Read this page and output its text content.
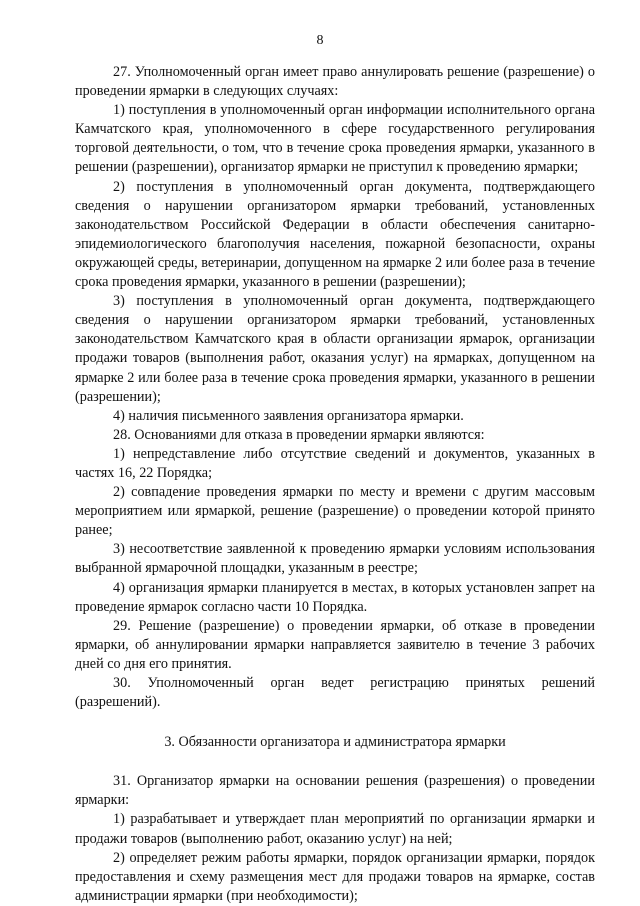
8

27. Уполномоченный орган имеет право аннулировать решение (разрешение) о проведении ярмарки в следующих случаях:

1) поступления в уполномоченный орган информации исполнительного органа Камчатского края, уполномоченного в сфере государственного регулирования торговой деятельности, о том, что в течение срока проведения ярмарки, указанного в решении (разрешении), организатор ярмарки не приступил к проведению ярмарки;

2) поступления в уполномоченный орган документа, подтверждающего сведения о нарушении организатором ярмарки требований, установленных законодательством Российской Федерации в области обеспечения санитарно-эпидемиологического благополучия населения, пожарной безопасности, охраны окружающей среды, ветеринарии, допущенном на ярмарке 2 или более раза в течение срока проведения ярмарки, указанного в решении (разрешении);

3) поступления в уполномоченный орган документа, подтверждающего сведения о нарушении организатором ярмарки требований, установленных законодательством Камчатского края в области организации ярмарок, организации продажи товаров (выполнения работ, оказания услуг) на ярмарках, допущенном на ярмарке 2 или более раза в течение срока проведения ярмарки, указанного в решении (разрешении);

4) наличия письменного заявления организатора ярмарки.

28. Основаниями для отказа в проведении ярмарки являются:

1) непредставление либо отсутствие сведений и документов, указанных в частях 16, 22 Порядка;

2) совпадение проведения ярмарки по месту и времени с другим массовым мероприятием или ярмаркой, решение (разрешение) о проведении которой принято ранее;

3) несоответствие заявленной к проведению ярмарки условиям использования выбранной ярмарочной площадки, указанным в реестре;

4) организация ярмарки планируется в местах, в которых установлен запрет на проведение ярмарок согласно части 10 Порядка.

29. Решение (разрешение) о проведении ярмарки, об отказе в проведении ярмарки, об аннулировании ярмарки направляется заявителю в течение 3 рабочих дней со дня его принятия.

30. Уполномоченный орган ведет регистрацию принятых решений (разрешений).

3. Обязанности организатора и администратора ярмарки

31. Организатор ярмарки на основании решения (разрешения) о проведении ярмарки:

1) разрабатывает и утверждает план мероприятий по организации ярмарки и продажи товаров (выполнению работ, оказанию услуг) на ней;

2) определяет режим работы ярмарки, порядок организации ярмарки, порядок предоставления и схему размещения мест для продажи товаров на ярмарке, состав администрации ярмарки (при необходимости);
